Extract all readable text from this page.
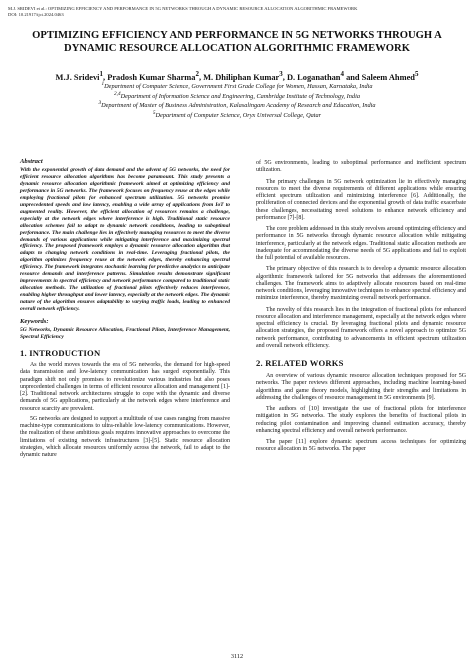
M.J. SRIDEVI et al.: OPTIMIZING EFFICIENCY AND PERFORMANCE IN 5G NETWORKS THROUGH A DYNAMIC RESOURCE ALLOCATION ALGORITHMIC FRAMEWORK
DOI: 10.21917/ijct.2024.0463
OPTIMIZING EFFICIENCY AND PERFORMANCE IN 5G NETWORKS THROUGH A DYNAMIC RESOURCE ALLOCATION ALGORITHMIC FRAMEWORK
M.J. Sridevi$^1$, Pradosh Kumar Sharma$^2$, M. Dhiliphan Kumar$^3$, D. Loganathan$^4$ and Saleem Ahmed$^5$
$^1$Department of Computer Science, Government First Grade College for Women, Hassan, Karnataka, India
$^{2,4}$Department of Information Science and Engineering, Cambridge Institute of Technology, India
$^3$Department of Master of Business Administration, Kalasalingam Academy of Research and Education, India
$^5$Department of Computer Science, Oryx Universal College, Qatar

Abstract

With the exponential growth of data demand and the advent of 5G networks, the need for efficient resource allocation algorithms has become paramount. This study presents a dynamic resource allocation algorithmic framework aimed at optimizing efficiency and performance in 5G networks. The framework focuses on frequency reuse at the edges while employing fractional pilots for enhanced spectrum utilization. 5G networks promise unprecedented speeds and low latency, enabling a wide array of applications from IoT to augmented reality. However, the efficient allocation of resources remains a challenge, especially at the network edges where interference is high. Traditional static resource allocation schemes fail to adapt to dynamic network conditions, leading to suboptimal performance. The main challenge lies in effectively managing resources to meet the diverse demands of various applications while mitigating interference and maximizing spectral efficiency. The proposed framework employs a dynamic resource allocation algorithm that adapts to changing network conditions in real-time. Leveraging fractional pilots, the algorithm optimizes frequency reuse at the network edges, thereby enhancing spectral efficiency. The framework integrates stochastic learning for predictive analytics to anticipate resource demands and interference patterns. Simulation results demonstrate significant improvements in spectral efficiency and network performance compared to traditional static allocation methods. The utilization of fractional pilots effectively reduces interference, enabling higher throughput and lower latency, especially at the network edges. The dynamic nature of the algorithm ensures adaptability to varying traffic loads, leading to enhanced overall network efficiency.

Keywords:

5G Networks, Dynamic Resource Allocation, Fractional Pilots, Interference Management, Spectral Efficiency

1. INTRODUCTION

As the world moves towards the era of 5G networks, the demand for high-speed data transmission and low-latency communication has surged exponentially. This paradigm shift not only promises to revolutionize various industries but also poses unprecedented challenges in terms of efficient resource allocation and management [1]-[2]. Traditional network architectures struggle to cope with the dynamic and diverse demands of 5G applications, particularly at the network edges where interference and resource scarcity are prevalent.

5G networks are designed to support a multitude of use cases ranging from massive machine-type communications to ultra-reliable low-latency communications. However, the realization of these ambitious goals requires innovative approaches to overcome the limitations of existing network infrastructures [3]-[5]. Static resource allocation strategies, which allocate resources uniformly across the network, fail to adapt to the dynamic nature

of 5G environments, leading to suboptimal performance and inefficient spectrum utilization.

The primary challenges in 5G network optimization lie in effectively managing resources to meet the diverse requirements of different applications while ensuring efficient spectrum utilization and minimizing interference [6]. Additionally, the proliferation of connected devices and the exponential growth of data traffic exacerbate these challenges, necessitating novel solutions to enhance network efficiency and performance [7]-[8].

The core problem addressed in this study revolves around optimizing efficiency and performance in 5G networks through dynamic resource allocation while mitigating interference, particularly at the network edges. Traditional static allocation methods are inadequate for accommodating the diverse needs of 5G applications and fail to exploit the full potential of available resources.

The primary objective of this research is to develop a dynamic resource allocation algorithmic framework tailored for 5G networks that addresses the aforementioned challenges. The framework aims to adaptively allocate resources based on real-time network conditions, leveraging innovative techniques to enhance spectral efficiency and minimize interference, thereby maximizing overall network performance.

The novelty of this research lies in the integration of fractional pilots for enhanced resource allocation and interference management, especially at the network edges where spectral efficiency is crucial. By leveraging fractional pilots and dynamic resource allocation strategies, the proposed framework offers a novel approach to optimize 5G network performance, contributing to advancements in efficient spectrum utilization and overall network efficiency.

2. RELATED WORKS

An overview of various dynamic resource allocation techniques proposed for 5G networks. The paper reviews different approaches, including machine learning-based algorithms and game theory models, highlighting their strengths and limitations in addressing the challenges of resource management in 5G environments [9].

The authors of [10] investigate the use of fractional pilots for interference mitigation in 5G networks. The study explores the benefits of fractional pilots in reducing pilot contamination and improving channel estimation accuracy, thereby enhancing spectral efficiency and overall network performance.

The paper [11] explore dynamic spectrum access techniques for optimizing resource allocation in 5G networks. The paper

3112
